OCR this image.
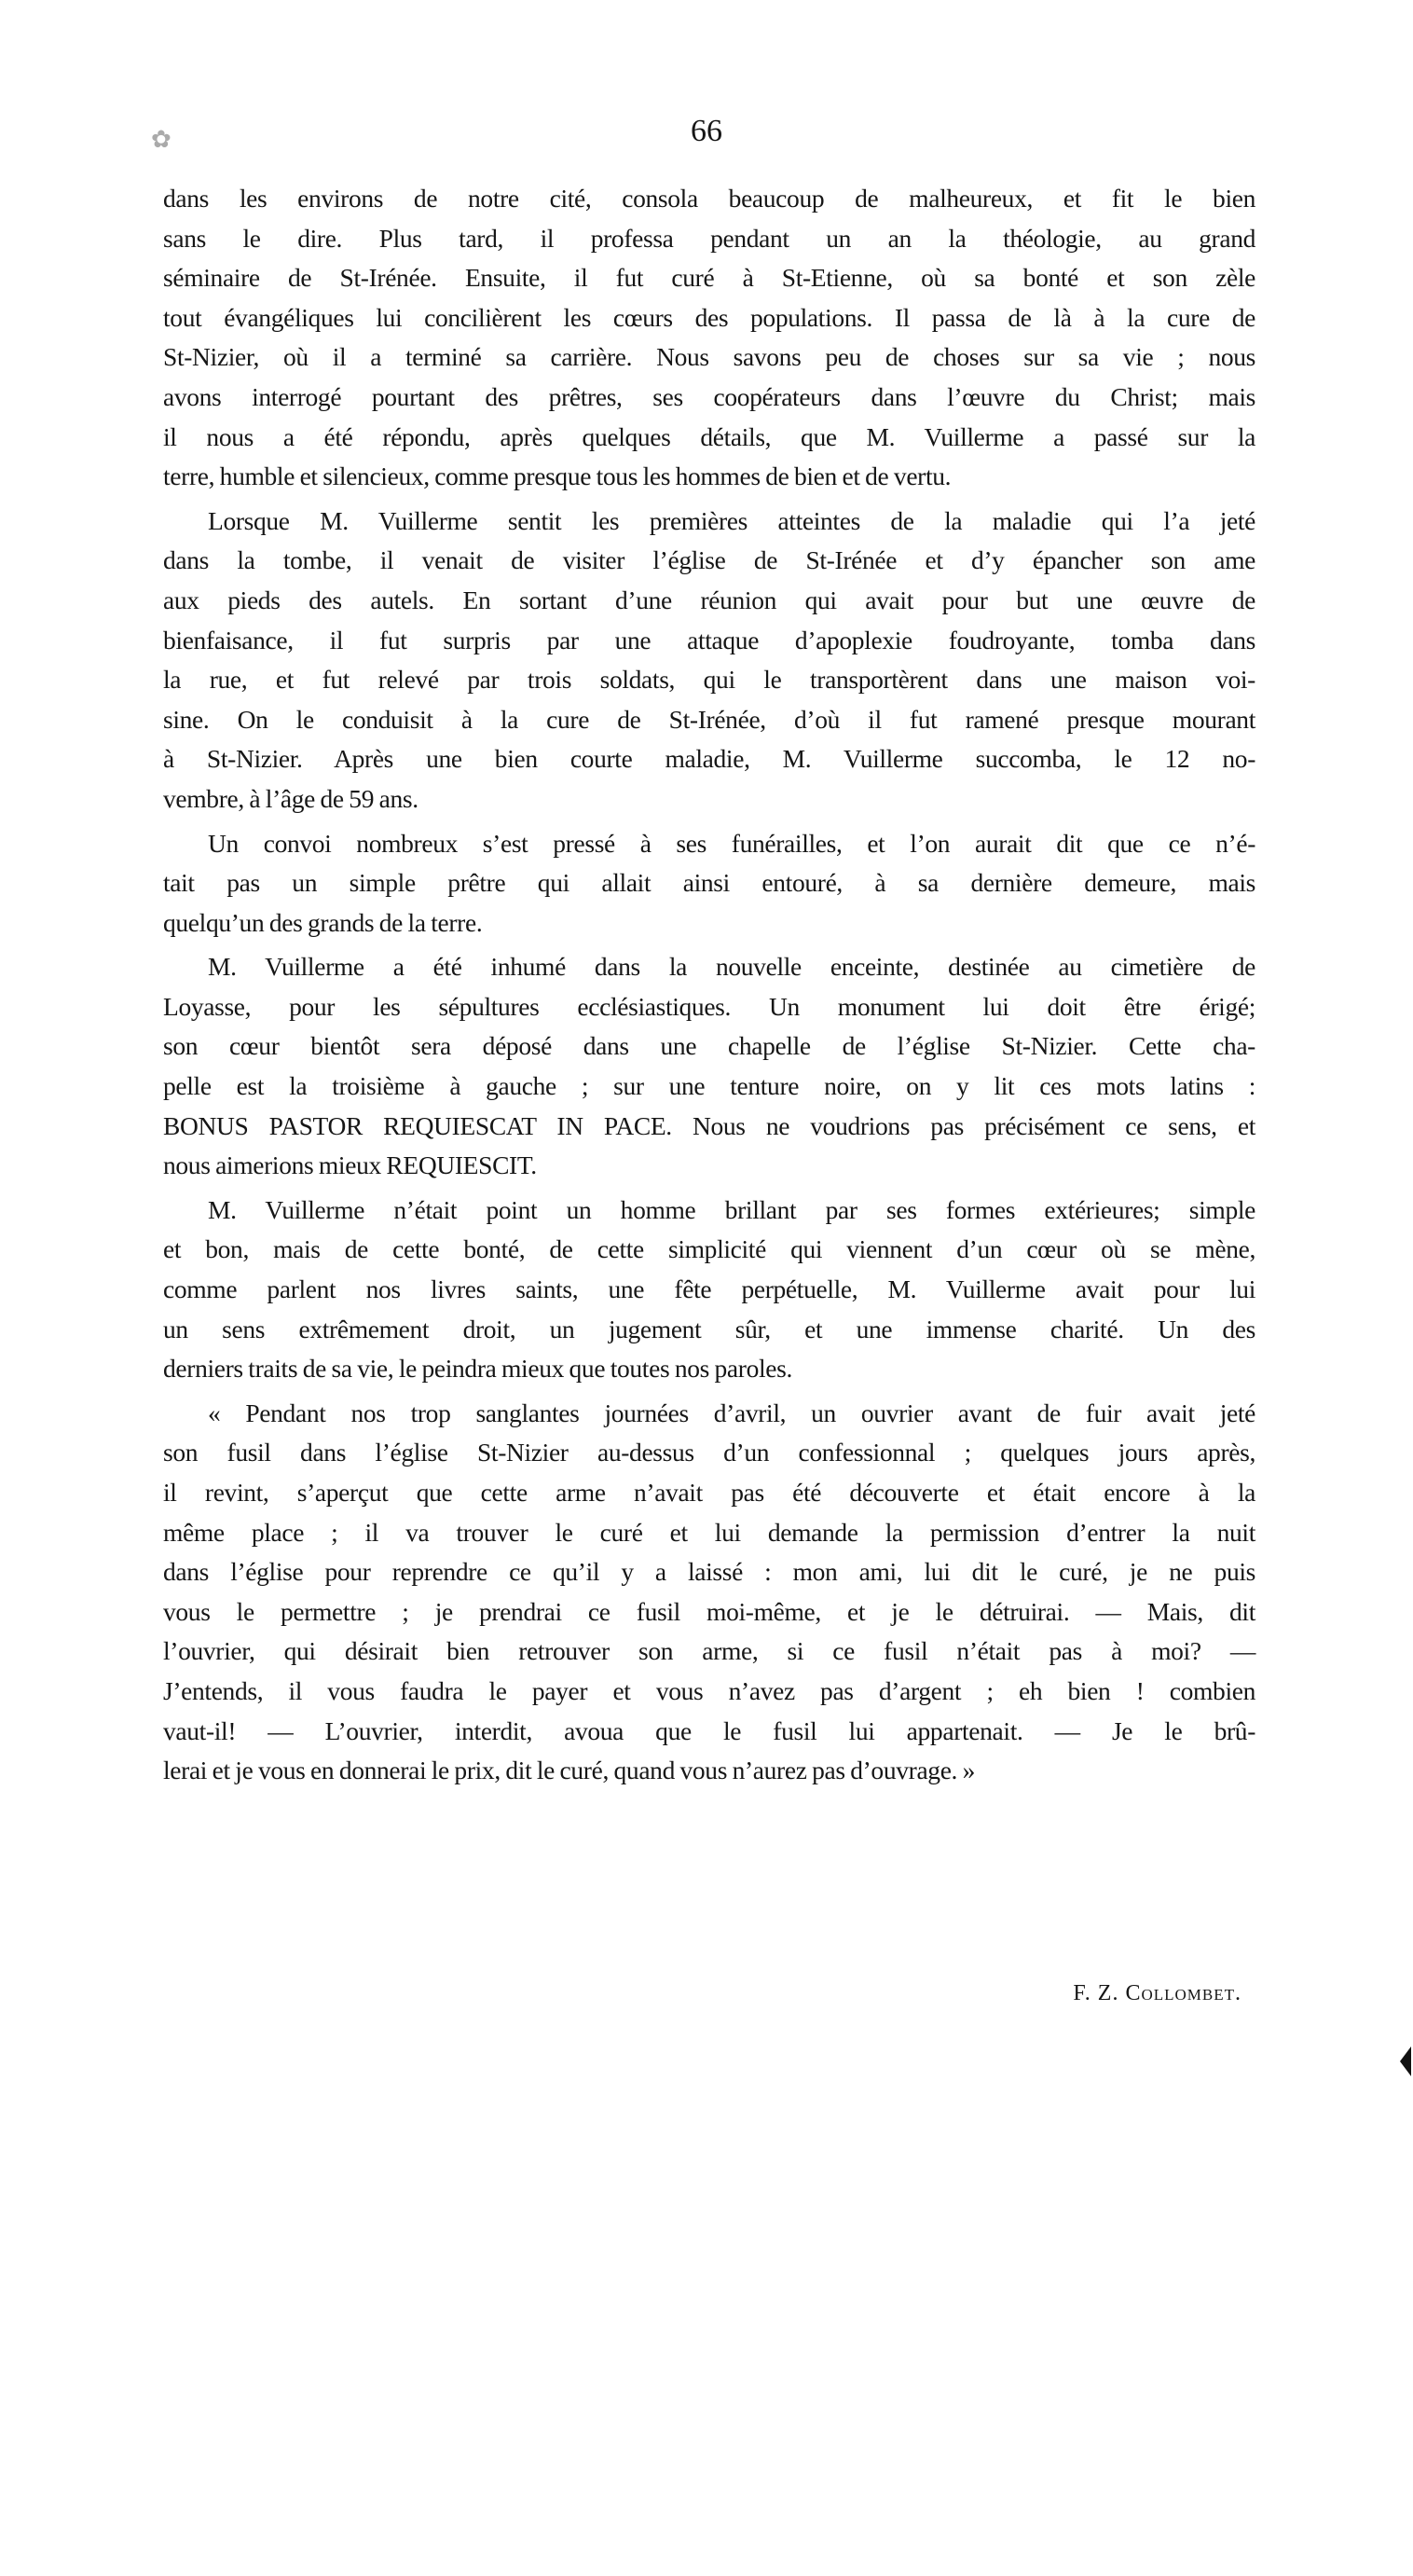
✿	66
dans les environs de notre cité, consola beaucoup de malheureux, et fit le bien
sans le dire. Plus tard, il professa pendant un an la théologie, au grand
séminaire de St-Irénée. Ensuite, il fut curé à St-Etienne, où sa bonté et son zèle
tout évangéliques lui concilièrent les cœurs des populations. Il passa de là à la cure de
St-Nizier, où il a terminé sa carrière. Nous savons peu de choses sur sa vie ; nous
avons interrogé pourtant des prêtres, ses coopérateurs dans l’œuvre du Christ; mais
il nous a été répondu, après quelques détails, que M. Vuillerme a passé sur la
terre, humble et silencieux, comme presque tous les hommes de bien et de vertu.
Lorsque M. Vuillerme sentit les premières atteintes de la maladie qui l’a jeté
dans la tombe, il venait de visiter l’église de St-Irénée et d’y épancher son ame
aux pieds des autels. En sortant d’une réunion qui avait pour but une œuvre de
bienfaisance, il fut surpris par une attaque d’apoplexie foudroyante, tomba dans
la rue, et fut relevé par trois soldats, qui le transportèrent dans une maison voi-
sine. On le conduisit à la cure de St-Irénée, d’où il fut ramené presque mourant
à St-Nizier. Après une bien courte maladie, M. Vuillerme succomba, le 12 no-
vembre, à l’âge de 59 ans.
Un convoi nombreux s’est pressé à ses funérailles, et l’on aurait dit que ce n’é-
tait pas un simple prêtre qui allait ainsi entouré, à sa dernière demeure, mais
quelqu’un des grands de la terre.
M. Vuillerme a été inhumé dans la nouvelle enceinte, destinée au cimetière de
Loyasse, pour les sépultures ecclésiastiques. Un monument lui doit être érigé;
son cœur bientôt sera déposé dans une chapelle de l’église St-Nizier. Cette cha-
pelle est la troisième à gauche ; sur une tenture noire, on y lit ces mots latins :
BONUS PASTOR REQUIESCAT IN PACE. Nous ne voudrions pas précisément ce sens, et
nous aimerions mieux REQUIESCIT.
M. Vuillerme n’était point un homme brillant par ses formes extérieures; simple
et bon, mais de cette bonté, de cette simplicité qui viennent d’un cœur où se mène,
comme parlent nos livres saints, une fête perpétuelle, M. Vuillerme avait pour lui
un sens extrêmement droit, un jugement sûr, et une immense charité. Un des
derniers traits de sa vie, le peindra mieux que toutes nos paroles.
« Pendant nos trop sanglantes journées d’avril, un ouvrier avant de fuir avait jeté
son fusil dans l’église St-Nizier au-dessus d’un confessionnal ; quelques jours après,
il revint, s’aperçut que cette arme n’avait pas été découverte et était encore à la
même place ; il va trouver le curé et lui demande la permission d’entrer la nuit
dans l’église pour reprendre ce qu’il y a laissé : mon ami, lui dit le curé, je ne puis
vous le permettre ; je prendrai ce fusil moi-même, et je le détruirai. — Mais, dit
l’ouvrier, qui désirait bien retrouver son arme, si ce fusil n’était pas à moi? —
J’entends, il vous faudra le payer et vous n’avez pas d’argent ; eh bien ! combien
vaut-il! — L’ouvrier, interdit, avoua que le fusil lui appartenait. — Je le brû-
lerai et je vous en donnerai le prix, dit le curé, quand vous n’aurez pas d’ouvrage. »
F. Z. Collombet.
